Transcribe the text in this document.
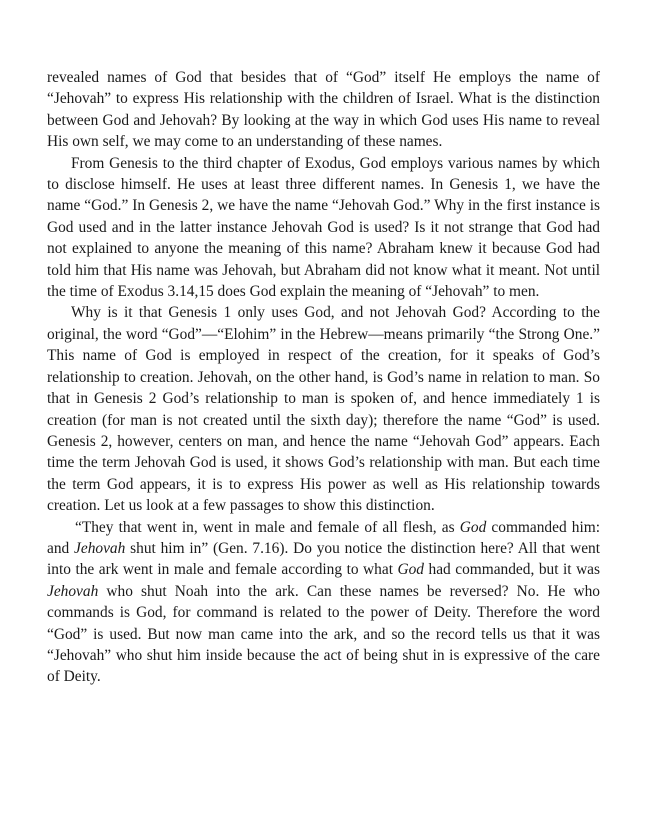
revealed names of God that besides that of “God” itself He employs the name of “Jehovah” to express His relationship with the children of Israel. What is the distinction between God and Jehovah? By looking at the way in which God uses His name to reveal His own self, we may come to an understanding of these names.

From Genesis to the third chapter of Exodus, God employs various names by which to disclose himself. He uses at least three different names. In Genesis 1, we have the name “God.” In Genesis 2, we have the name “Jehovah God.” Why in the first instance is God used and in the latter instance Jehovah God is used? Is it not strange that God had not explained to anyone the meaning of this name? Abraham knew it because God had told him that His name was Jehovah, but Abraham did not know what it meant. Not until the time of Exodus 3.14,15 does God explain the meaning of “Jehovah” to men.

Why is it that Genesis 1 only uses God, and not Jehovah God? According to the original, the word “God”—“Elohim” in the Hebrew—means primarily “the Strong One.” This name of God is employed in respect of the creation, for it speaks of God’s relationship to creation. Jehovah, on the other hand, is God’s name in relation to man. So that in Genesis 2 God’s relationship to man is spoken of, and hence immediately 1 is creation (for man is not created until the sixth day); therefore the name “God” is used. Genesis 2, however, centers on man, and hence the name “Jehovah God” appears. Each time the term Jehovah God is used, it shows God’s relationship with man. But each time the term God appears, it is to express His power as well as His relationship towards creation. Let us look at a few passages to show this distinction.

“They that went in, went in male and female of all flesh, as God commanded him: and Jehovah shut him in” (Gen. 7.16). Do you notice the distinction here? All that went into the ark went in male and female according to what God had commanded, but it was Jehovah who shut Noah into the ark. Can these names be reversed? No. He who commands is God, for command is related to the power of Deity. Therefore the word “God” is used. But now man came into the ark, and so the record tells us that it was “Jehovah” who shut him inside because the act of being shut in is expressive of the care of Deity.
